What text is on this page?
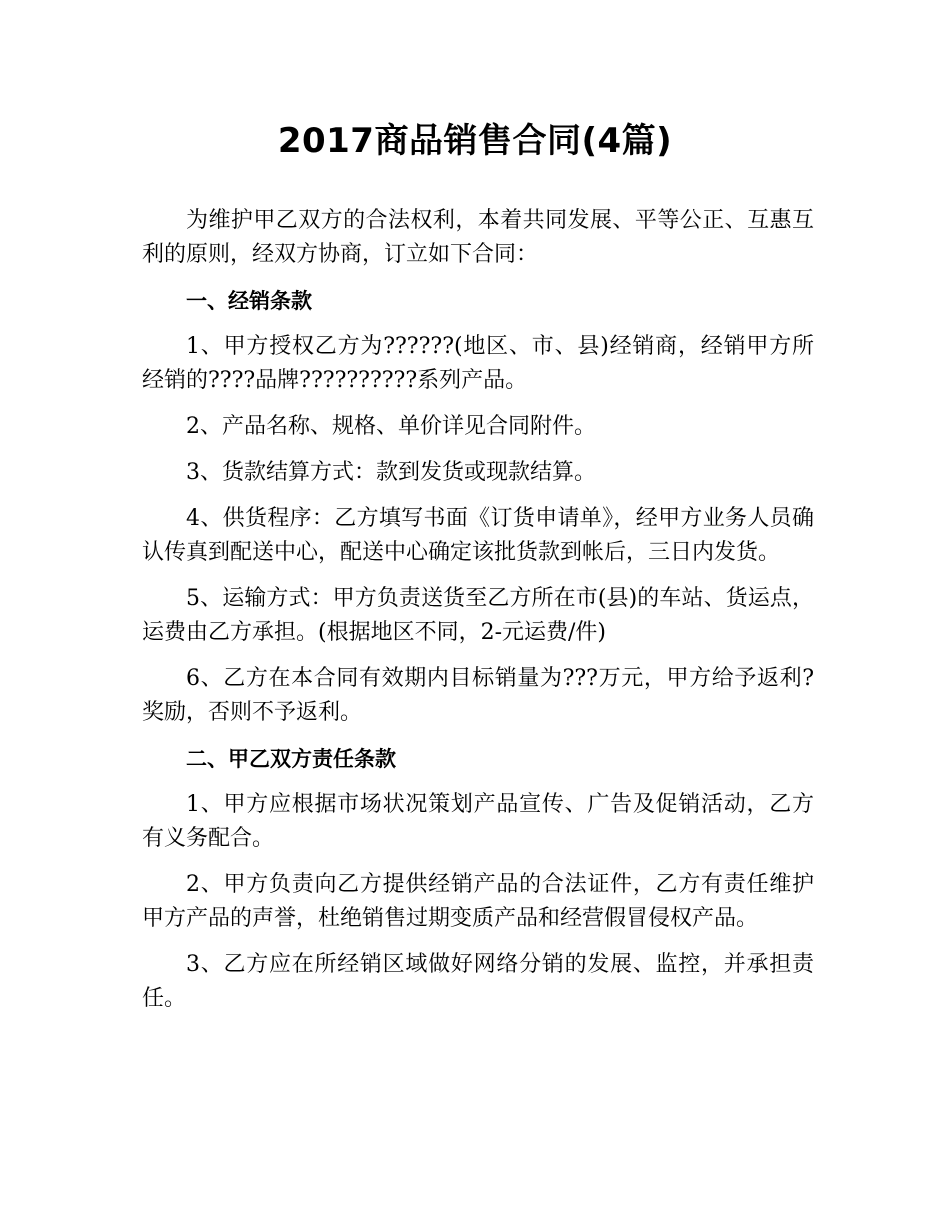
2017商品销售合同(4篇)

为维护甲乙双方的合法权利，本着共同发展、平等公正、互惠互利的原则，经双方协商，订立如下合同：

一、经销条款

1、甲方授权乙方为??????(地区、市、县)经销商，经销甲方所经销的????品牌??????????系列产品。

2、产品名称、规格、单价详见合同附件。

3、货款结算方式：款到发货或现款结算。

4、供货程序：乙方填写书面《订货申请单》，经甲方业务人员确认传真到配送中心，配送中心确定该批货款到帐后，三日内发货。

5、运输方式：甲方负责送货至乙方所在市(县)的车站、货运点，运费由乙方承担。(根据地区不同，2-元运费/件)

6、乙方在本合同有效期内目标销量为???万元，甲方给予返利?奖励，否则不予返利。

二、甲乙双方责任条款

1、甲方应根据市场状况策划产品宣传、广告及促销活动，乙方有义务配合。

2、甲方负责向乙方提供经销产品的合法证件，乙方有责任维护甲方产品的声誉，杜绝销售过期变质产品和经营假冒侵权产品。

3、乙方应在所经销区域做好网络分销的发展、监控，并承担责任。
